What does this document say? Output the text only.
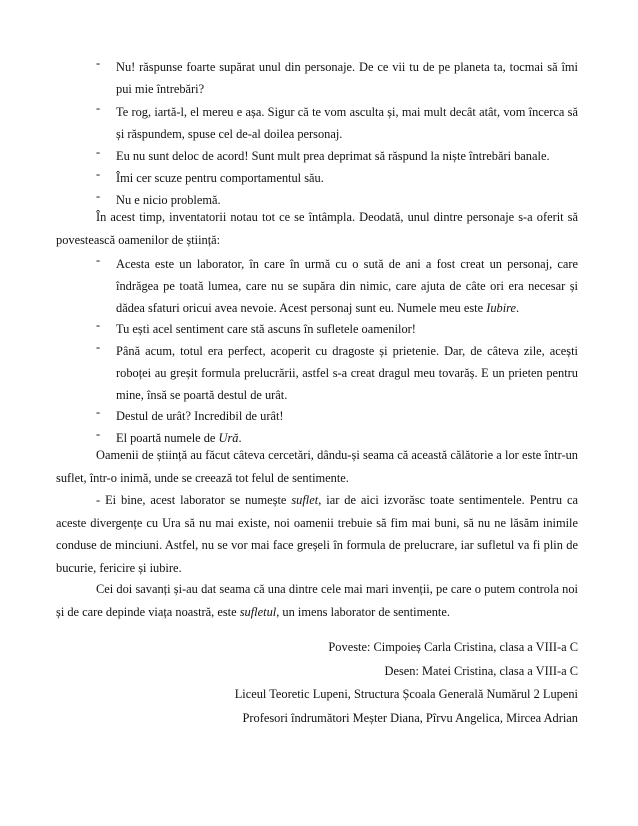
- Nu! răspunse foarte supărat unul din personaje. De ce vii tu de pe planeta ta, tocmai să îmi pui mie întrebări?
- Te rog, iartă-l, el mereu e așa. Sigur că te vom asculta și, mai mult decât atât, vom încerca să și răspundem, spuse cel de-al doilea personaj.
- Eu nu sunt deloc de acord! Sunt mult prea deprimat să răspund la niște întrebări banale.
- Îmi cer scuze pentru comportamentul său.
- Nu e nicio problemă.
În acest timp, inventatorii notau tot ce se întâmpla. Deodată, unul dintre personaje s-a oferit să povestească oamenilor de știință:
- Acesta este un laborator, în care în urmă cu o sută de ani a fost creat un personaj, care îndrăgea pe toată lumea, care nu se supăra din nimic, care ajuta de câte ori era necesar și dădea sfaturi oricui avea nevoie. Acest personaj sunt eu. Numele meu este Iubire.
- Tu ești acel sentiment care stă ascuns în sufletele oamenilor!
- Până acum, totul era perfect, acoperit cu dragoste și prietenie. Dar, de câteva zile, acești roboței au greșit formula prelucrării, astfel s-a creat dragul meu tovarăș. E un prieten pentru mine, însă se poartă destul de urât.
- Destul de urât? Incredibil de urât!
- El poartă numele de Ură.
Oamenii de știință au făcut câteva cercetări, dându-și seama că această călătorie a lor este într-un suflet, într-o inimă, unde se creează tot felul de sentimente.
- Ei bine, acest laborator se numește suflet, iar de aici izvorăsc toate sentimentele. Pentru ca aceste divergențe cu Ura să nu mai existe, noi oamenii trebuie să fim mai buni, să nu ne lăsăm inimile conduse de minciuni. Astfel, nu se vor mai face greșeli în formula de prelucrare, iar sufletul va fi plin de bucurie, fericire și iubire.
Cei doi savanți și-au dat seama că una dintre cele mai mari invenții, pe care o putem controla noi și de care depinde viața noastră, este sufletul, un imens laborator de sentimente.
Poveste: Cimpoieș Carla Cristina, clasa a VIII-a C
Desen: Matei Cristina, clasa a VIII-a C
Liceul Teoretic Lupeni, Structura Școala Generală Numărul 2 Lupeni
Profesori îndrumători Meșter Diana, Pîrvu Angelica, Mircea Adrian
